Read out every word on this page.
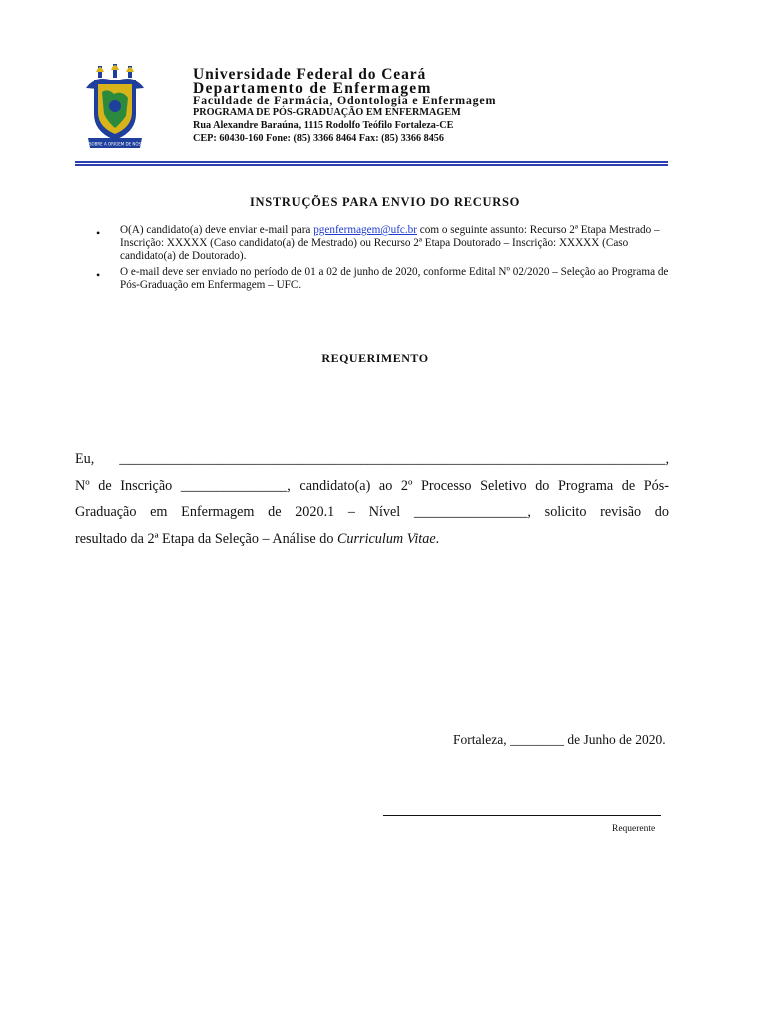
SOBRE A ORIGEM DE NÓS
Universidade Federal do Ceará
Departamento de Enfermagem
Faculdade de Farmácia, Odontologia e Enfermagem
PROGRAMA DE PÓS-GRADUAÇÃO EM ENFERMAGEM
Rua Alexandre Baraúna, 1115 Rodolfo Teófilo Fortaleza-CE
CEP: 60430-160 Fone: (85) 3366 8464 Fax: (85) 3366 8456
INSTRUÇÕES PARA ENVIO DO RECURSO
• O(A) candidato(a) deve enviar e-mail para pgenfermagem@ufc.br com o seguinte assunto: Recurso 2ª Etapa Mestrado – Inscrição: XXXXX (Caso candidato(a) de Mestrado) ou Recurso 2ª Etapa Doutorado – Inscrição: XXXXX (Caso candidato(a) de Doutorado).
• O e-mail deve ser enviado no período de 01 a 02 de junho de 2020, conforme Edital Nº 02/2020 – Seleção ao Programa de Pós-Graduação em Enfermagem – UFC.
REQUERIMENTO
Eu, _____________________________________________________________________________,
Nº de Inscrição _______________, candidato(a) ao 2º Processo Seletivo do Programa de Pós-
Graduação em Enfermagem de 2020.1 – Nível ________________, solicito revisão do
resultado da 2ª Etapa da Seleção – Análise do Curriculum Vitae.
Fortaleza, ________ de Junho de 2020.
Requerente
